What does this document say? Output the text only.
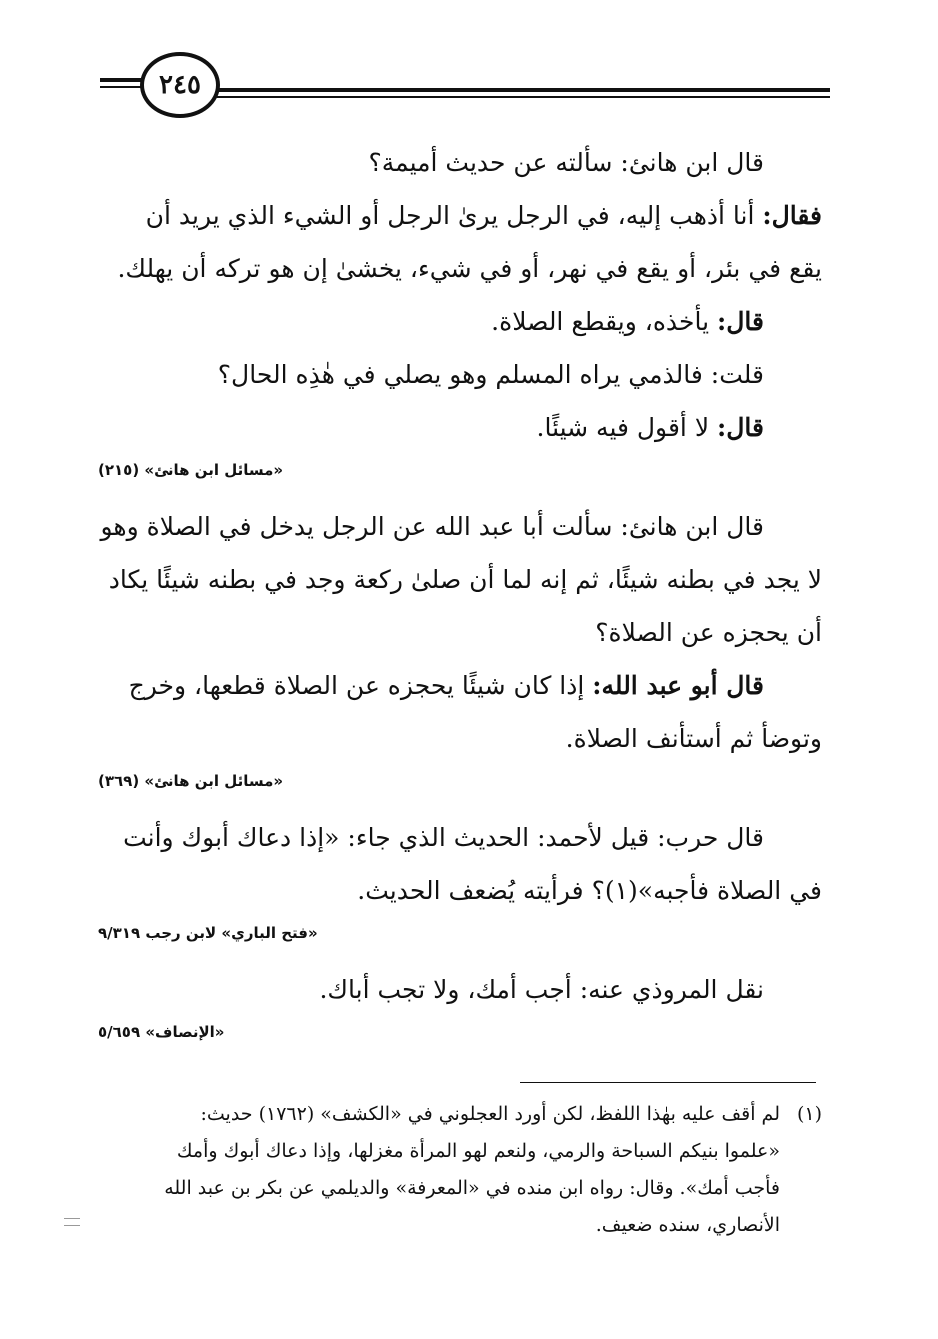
٢٤٥

قال ابن هانئ: سألته عن حديث أميمة؟

فقال: أنا أذهب إليه، في الرجل يرىٰ الرجل أو الشيء الذي يريد أن

يقع في بئر، أو يقع في نهر، أو في شيء، يخشىٰ إن هو تركه أن يهلك.

قال: يأخذه، ويقطع الصلاة.

قلت: فالذمي يراه المسلم وهو يصلي في هٰذِه الحال؟

قال: لا أقول فيه شيئًا.

«مسائل ابن هانئ» (٢١٥)

قال ابن هانئ: سألت أبا عبد الله عن الرجل يدخل في الصلاة وهو

لا يجد في بطنه شيئًا، ثم إنه لما أن صلىٰ ركعة وجد في بطنه شيئًا يكاد

أن يحجزه عن الصلاة؟

قال أبو عبد الله: إذا كان شيئًا يحجزه عن الصلاة قطعها، وخرج

وتوضأ ثم أستأنف الصلاة.

«مسائل ابن هانئ» (٣٦٩)

قال حرب: قيل لأحمد: الحديث الذي جاء: «إذا دعاك أبوك وأنت

في الصلاة فأجبه»(١)؟ فرأيته يُضعف الحديث.

«فتح الباري» لابن رجب ٩/٣١٩

نقل المروذي عنه: أجب أمك، ولا تجب أباك.

«الإنصاف» ٥/٦٥٩
(١)لم أقف عليه بهٰذا اللفظ، لكن أورد العجلوني في «الكشف» (١٧٦٢) حديث:
«علموا بنيكم السباحة والرمي، ولنعم لهو المرأة مغزلها، وإذا دعاك أبوك وأمك
فأجب أمك». وقال: رواه ابن منده في «المعرفة» والديلمي عن بكر بن عبد الله
الأنصاري، سنده ضعيف.
